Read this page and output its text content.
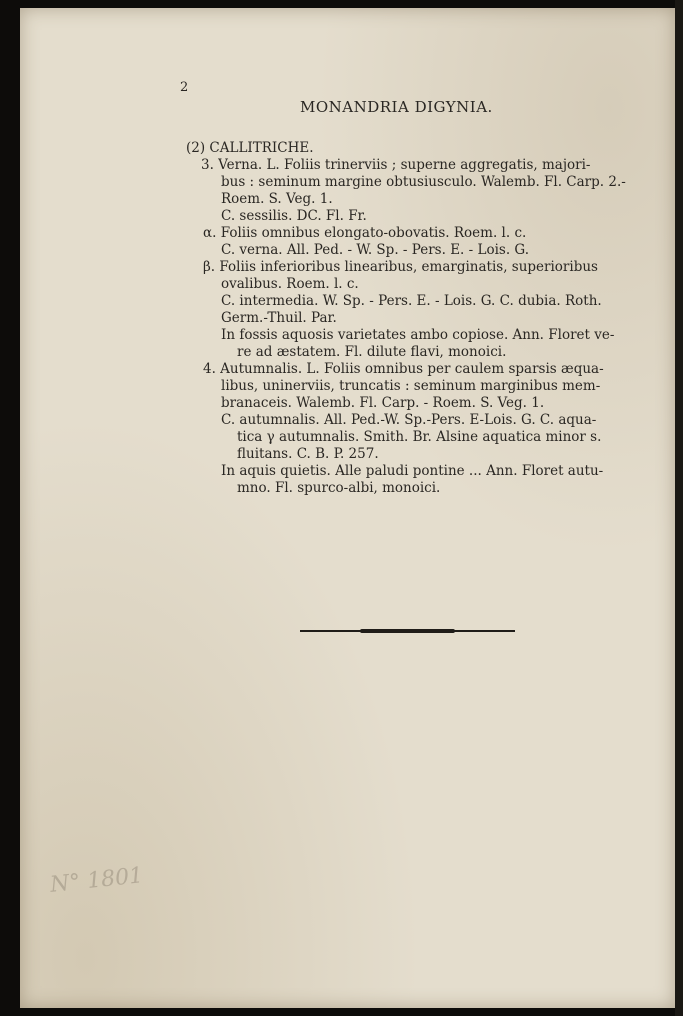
2
MONANDRIA DIGYNIA.
(2) CALLITRICHE.
3. Verna. L. Foliis trinerviis ; superne aggregatis, majori-
bus : seminum margine obtusiusculo. Walemb. Fl. Carp. 2.-
Roem. S. Veg. 1.
C. sessilis. DC. Fl. Fr.
α. Foliis omnibus elongato-obovatis. Roem. l. c.
C. verna. All. Ped. - W. Sp. - Pers. E. - Lois. G.
β. Foliis inferioribus linearibus, emarginatis, superioribus
ovalibus. Roem. l. c.
C. intermedia. W. Sp. - Pers. E. - Lois. G. C. dubia. Roth.
Germ.-Thuil. Par.
In fossis aquosis varietates ambo copiose. Ann. Floret ve-
re ad æstatem. Fl. dilute flavi, monoici.
4. Autumnalis. L. Foliis omnibus per caulem sparsis æqua-
libus, uninerviis, truncatis : seminum marginibus mem-
branaceis. Walemb. Fl. Carp. - Roem. S. Veg. 1.
C. autumnalis. All. Ped.-W. Sp.-Pers. E-Lois. G. C. aqua-
tica γ autumnalis. Smith. Br. Alsine aquatica minor s.
fluitans. C. B. P. 257.
In aquis quietis. Alle paludi pontine ... Ann. Floret autu-
mno. Fl. spurco-albi, monoici.
N° 1801
